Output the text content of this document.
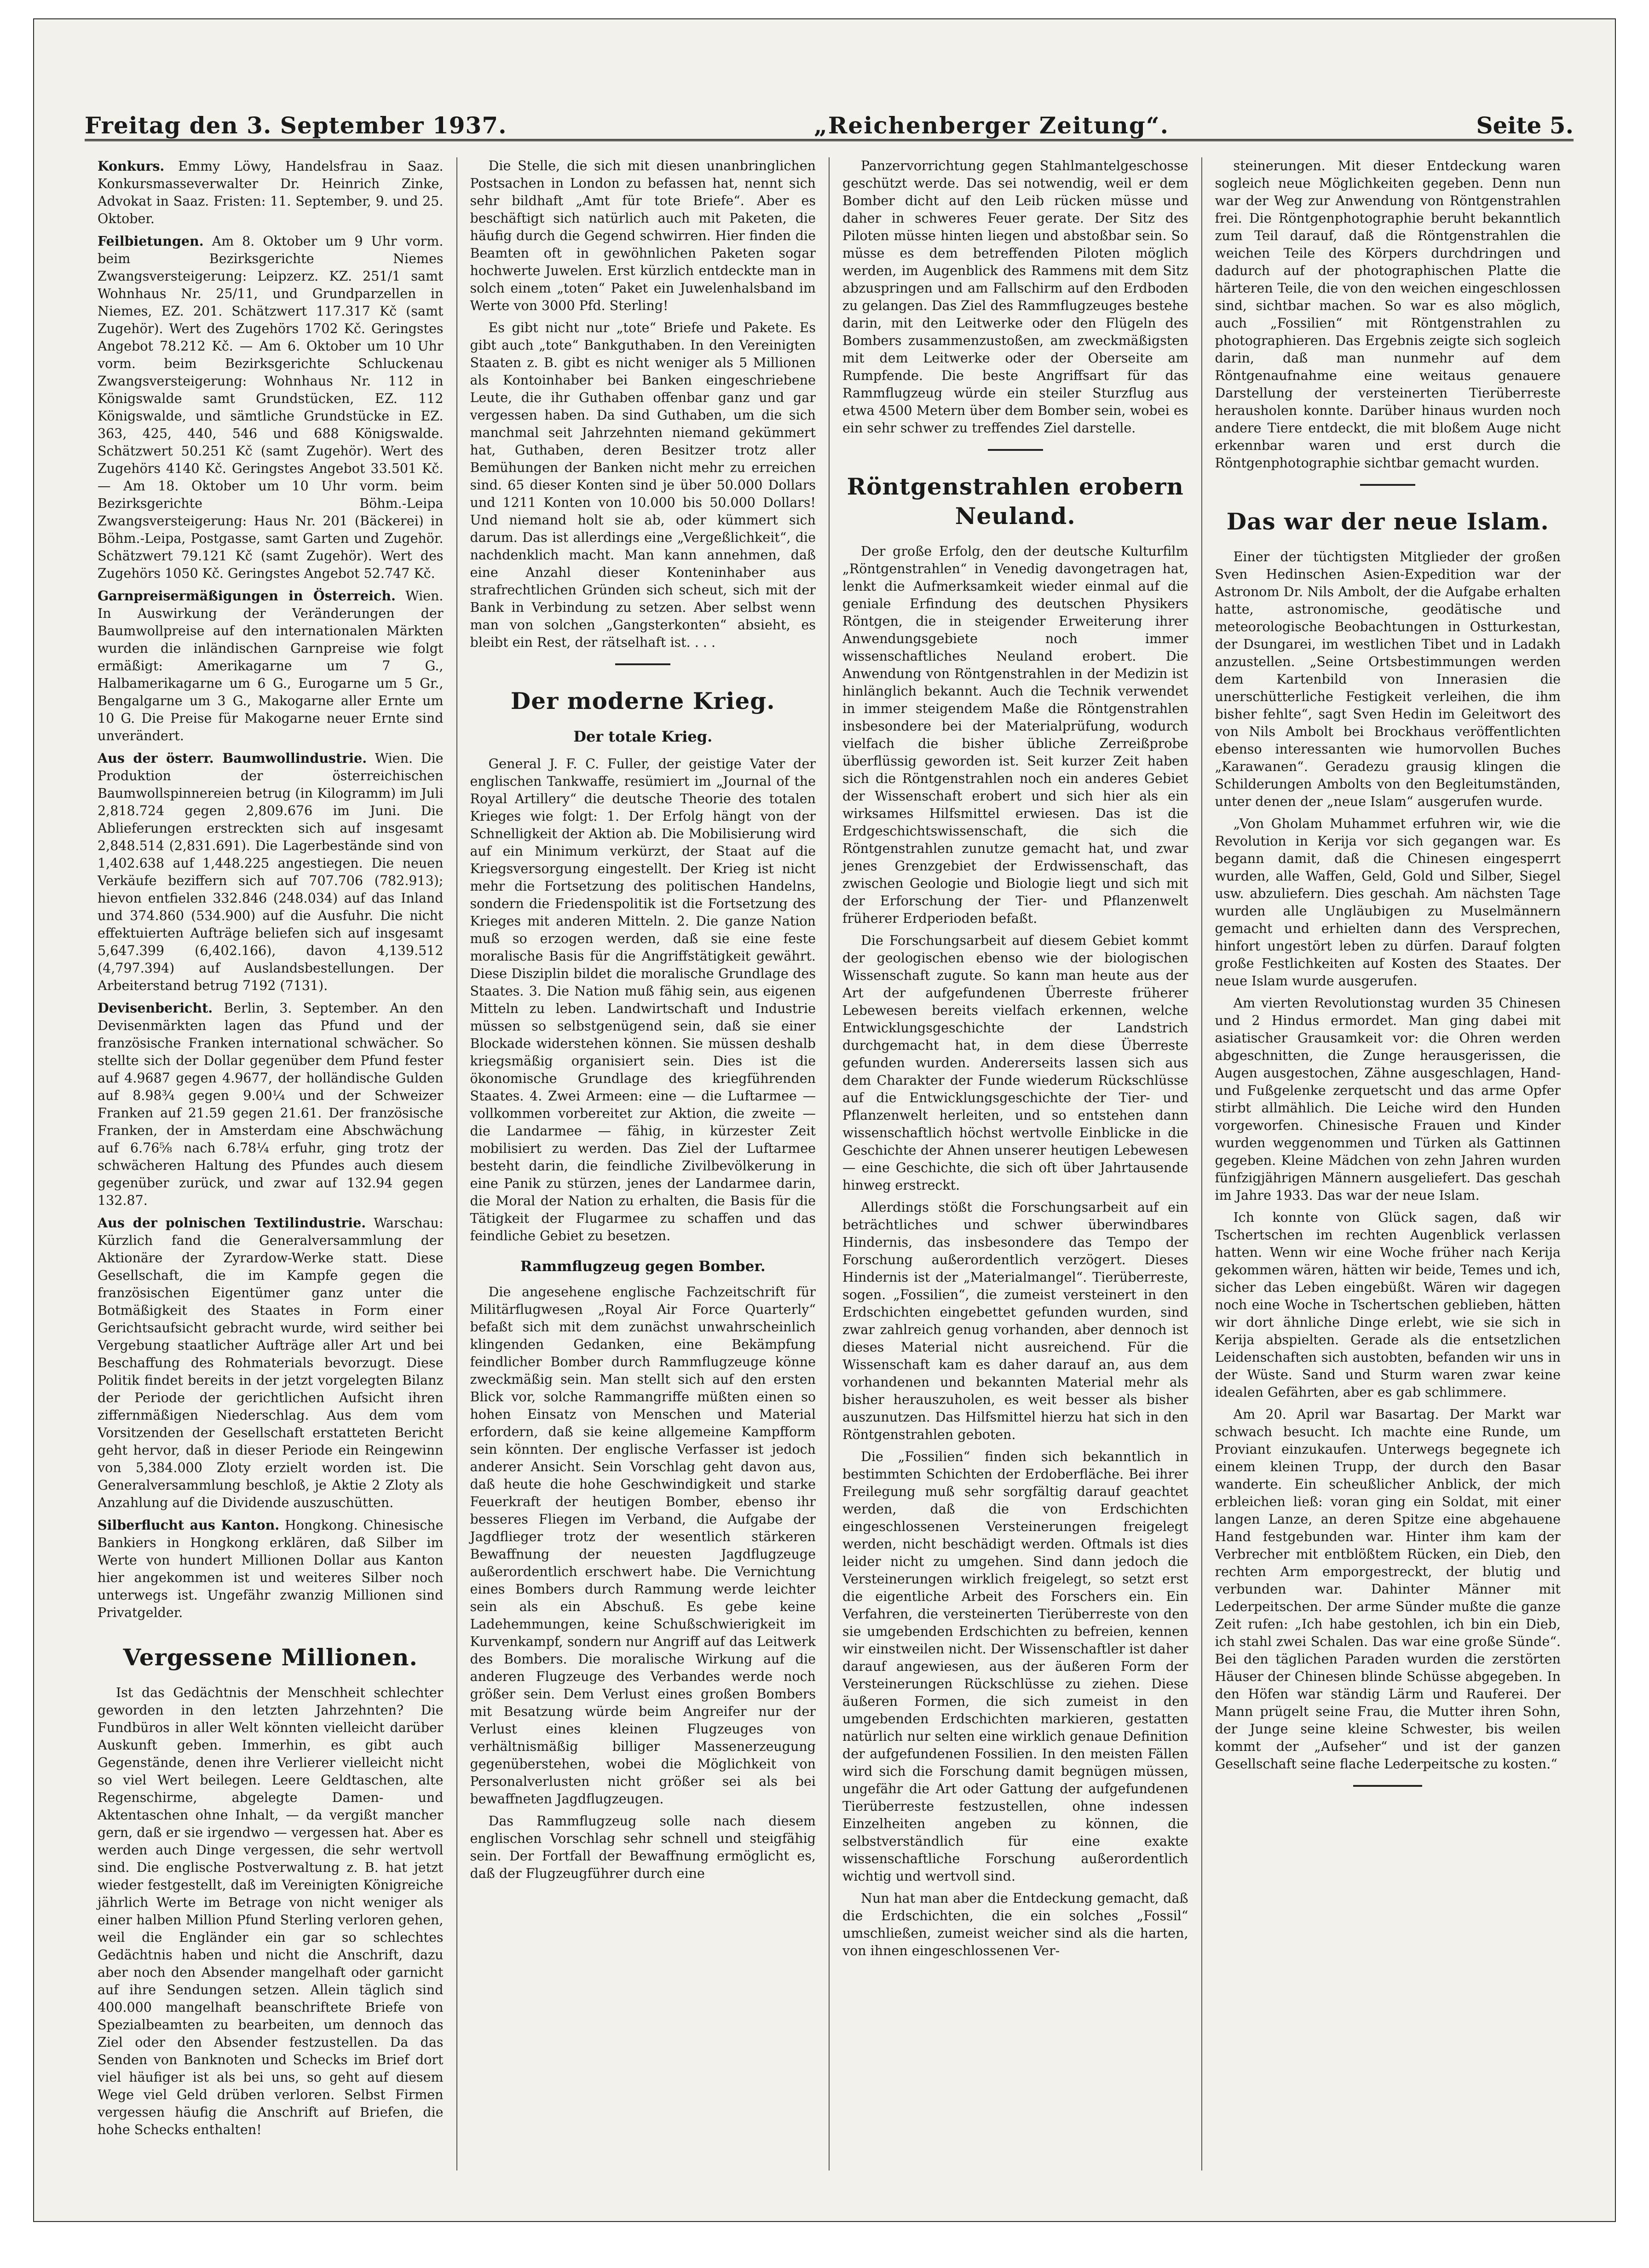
Freitag den 3. September 1937.	„Reichenberger Zeitung“.	Seite 5.

Konkurs. Emmy Löwy, Handelsfrau in Saaz. Konkursmasseverwalter Dr. Heinrich Zinke, Advokat in Saaz. Fristen: 11. September, 9. und 25. Oktober.

Feilbietungen. Am 8. Oktober um 9 Uhr vorm. beim Bezirksgerichte Niemes Zwangsversteigerung: Leipzerz. KZ. 251/1 samt Wohnhaus Nr. 25/11, und Grundparzellen in Niemes, EZ. 201. Schätzwert 117.317 Kč (samt Zugehör). Wert des Zugehörs 1702 Kč. Geringstes Angebot 78.212 Kč. — Am 6. Oktober um 10 Uhr vorm. beim Bezirksgerichte Schluckenau Zwangsversteigerung: Wohnhaus Nr. 112 in Königswalde samt Grundstücken, EZ. 112 Königswalde, und sämtliche Grundstücke in EZ. 363, 425, 440, 546 und 688 Königswalde. Schätzwert 50.251 Kč (samt Zugehör). Wert des Zugehörs 4140 Kč. Geringstes Angebot 33.501 Kč. — Am 18. Oktober um 10 Uhr vorm. beim Bezirksgerichte Böhm.-Leipa Zwangsversteigerung: Haus Nr. 201 (Bäckerei) in Böhm.-Leipa, Postgasse, samt Garten und Zugehör. Schätzwert 79.121 Kč (samt Zugehör). Wert des Zugehörs 1050 Kč. Geringstes Angebot 52.747 Kč.

Garnpreisermäßigungen in Österreich. Wien. In Auswirkung der Veränderungen der Baumwollpreise auf den internationalen Märkten wurden die inländischen Garnpreise wie folgt ermäßigt: Amerikagarne um 7 G., Halbamerikagarne um 6 G., Eurogarne um 5 Gr., Bengalgarne um 3 G., Makogarne aller Ernte um 10 G. Die Preise für Makogarne neuer Ernte sind unverändert.

Aus der österr. Baumwollindustrie. Wien. Die Produktion der österreichischen Baumwollspinnereien betrug (in Kilogramm) im Juli 2,818.724 gegen 2,809.676 im Juni. Die Ablieferungen erstreckten sich auf insgesamt 2,848.514 (2,831.691). Die Lagerbestände sind von 1,402.638 auf 1,448.225 angestiegen. Die neuen Verkäufe beziffern sich auf 707.706 (782.913); hievon entfielen 332.846 (248.034) auf das Inland und 374.860 (534.900) auf die Ausfuhr. Die nicht effektuierten Aufträge beliefen sich auf insgesamt 5,647.399 (6,402.166), davon 4,139.512 (4,797.394) auf Auslandsbestellungen. Der Arbeiterstand betrug 7192 (7131).

Devisenbericht. Berlin, 3. September. An den Devisenmärkten lagen das Pfund und der französische Franken international schwächer. So stellte sich der Dollar gegenüber dem Pfund fester auf 4.9687 gegen 4.9677, der holländische Gulden auf 8.98¾ gegen 9.00¼ und der Schweizer Franken auf 21.59 gegen 21.61. Der französische Franken, der in Amsterdam eine Abschwächung auf 6.76⅝ nach 6.78¼ erfuhr, ging trotz der schwächeren Haltung des Pfundes auch diesem gegenüber zurück, und zwar auf 132.94 gegen 132.87.

Aus der polnischen Textilindustrie. Warschau: Kürzlich fand die Generalversammlung der Aktionäre der Zyrardow-Werke statt. Diese Gesellschaft, die im Kampfe gegen die französischen Eigentümer ganz unter die Botmäßigkeit des Staates in Form einer Gerichtsaufsicht gebracht wurde, wird seither bei Vergebung staatlicher Aufträge aller Art und bei Beschaffung des Rohmaterials bevorzugt. Diese Politik findet bereits in der jetzt vorgelegten Bilanz der Periode der gerichtlichen Aufsicht ihren ziffernmäßigen Niederschlag. Aus dem vom Vorsitzenden der Gesellschaft erstatteten Bericht geht hervor, daß in dieser Periode ein Reingewinn von 5,384.000 Zloty erzielt worden ist. Die Generalversammlung beschloß, je Aktie 2 Zloty als Anzahlung auf die Dividende auszuschütten.

Silberflucht aus Kanton. Hongkong. Chinesische Bankiers in Hongkong erklären, daß Silber im Werte von hundert Millionen Dollar aus Kanton hier angekommen ist und weiteres Silber noch unterwegs ist. Ungefähr zwanzig Millionen sind Privatgelder.

Vergessene Millionen.

Ist das Gedächtnis der Menschheit schlechter geworden in den letzten Jahrzehnten? Die Fundbüros in aller Welt könnten vielleicht darüber Auskunft geben. Immerhin, es gibt auch Gegenstände, denen ihre Verlierer vielleicht nicht so viel Wert beilegen. Leere Geldtaschen, alte Regenschirme, abgelegte Damen- und Aktentaschen ohne Inhalt, — da vergißt mancher gern, daß er sie irgendwo — vergessen hat. Aber es werden auch Dinge vergessen, die sehr wertvoll sind. Die englische Postverwaltung z. B. hat jetzt wieder festgestellt, daß im Vereinigten Königreiche jährlich Werte im Betrage von nicht weniger als einer halben Million Pfund Sterling verloren gehen, weil die Engländer ein gar so schlechtes Gedächtnis haben und nicht die Anschrift, dazu aber noch den Absender mangelhaft oder garnicht auf ihre Sendungen setzen. Allein täglich sind 400.000 mangelhaft beanschriftete Briefe von Spezialbeamten zu bearbeiten, um dennoch das Ziel oder den Absender festzustellen. Da das Senden von Banknoten und Schecks im Brief dort viel häufiger ist als bei uns, so geht auf diesem Wege viel Geld drüben verloren. Selbst Firmen vergessen häufig die Anschrift auf Briefen, die hohe Schecks enthalten!

Die Stelle, die sich mit diesen unanbringlichen Postsachen in London zu befassen hat, nennt sich sehr bildhaft „Amt für tote Briefe“. Aber es beschäftigt sich natürlich auch mit Paketen, die häufig durch die Gegend schwirren. Hier finden die Beamten oft in gewöhnlichen Paketen sogar hochwerte Juwelen. Erst kürzlich entdeckte man in solch einem „toten“ Paket ein Juwelenhalsband im Werte von 3000 Pfd. Sterling!

Es gibt nicht nur „tote“ Briefe und Pakete. Es gibt auch „tote“ Bankguthaben. In den Vereinigten Staaten z. B. gibt es nicht weniger als 5 Millionen als Kontoinhaber bei Banken eingeschriebene Leute, die ihr Guthaben offenbar ganz und gar vergessen haben. Da sind Guthaben, um die sich manchmal seit Jahrzehnten niemand gekümmert hat, Guthaben, deren Besitzer trotz aller Bemühungen der Banken nicht mehr zu erreichen sind. 65 dieser Konten sind je über 50.000 Dollars und 1211 Konten von 10.000 bis 50.000 Dollars! Und niemand holt sie ab, oder kümmert sich darum. Das ist allerdings eine „Vergeßlichkeit“, die nachdenklich macht. Man kann annehmen, daß eine Anzahl dieser Konteninhaber aus strafrechtlichen Gründen sich scheut, sich mit der Bank in Verbindung zu setzen. Aber selbst wenn man von solchen „Gangsterkonten“ absieht, es bleibt ein Rest, der rätselhaft ist. . . .

Der moderne Krieg.
Der totale Krieg.

General J. F. C. Fuller, der geistige Vater der englischen Tankwaffe, resümiert im „Journal of the Royal Artillery“ die deutsche Theorie des totalen Krieges wie folgt: 1. Der Erfolg hängt von der Schnelligkeit der Aktion ab. Die Mobilisierung wird auf ein Minimum verkürzt, der Staat auf die Kriegsversorgung eingestellt. Der Krieg ist nicht mehr die Fortsetzung des politischen Handelns, sondern die Friedenspolitik ist die Fortsetzung des Krieges mit anderen Mitteln. 2. Die ganze Nation muß so erzogen werden, daß sie eine feste moralische Basis für die Angriffstätigkeit gewährt. Diese Disziplin bildet die moralische Grundlage des Staates. 3. Die Nation muß fähig sein, aus eigenen Mitteln zu leben. Landwirtschaft und Industrie müssen so selbstgenügend sein, daß sie einer Blockade widerstehen können. Sie müssen deshalb kriegsmäßig organisiert sein. Dies ist die ökonomische Grundlage des kriegführenden Staates. 4. Zwei Armeen: eine — die Luftarmee — vollkommen vorbereitet zur Aktion, die zweite — die Landarmee — fähig, in kürzester Zeit mobilisiert zu werden. Das Ziel der Luftarmee besteht darin, die feindliche Zivilbevölkerung in eine Panik zu stürzen, jenes der Landarmee darin, die Moral der Nation zu erhalten, die Basis für die Tätigkeit der Flugarmee zu schaffen und das feindliche Gebiet zu besetzen.

Rammflugzeug gegen Bomber.

Die angesehene englische Fachzeitschrift für Militärflugwesen „Royal Air Force Quarterly“ befaßt sich mit dem zunächst unwahrscheinlich klingenden Gedanken, eine Bekämpfung feindlicher Bomber durch Rammflugzeuge könne zweckmäßig sein. Man stellt sich auf den ersten Blick vor, solche Rammangriffe müßten einen so hohen Einsatz von Menschen und Material erfordern, daß sie keine allgemeine Kampfform sein könnten. Der englische Verfasser ist jedoch anderer Ansicht. Sein Vorschlag geht davon aus, daß heute die hohe Geschwindigkeit und starke Feuerkraft der heutigen Bomber, ebenso ihr besseres Fliegen im Verband, die Aufgabe der Jagdflieger trotz der wesentlich stärkeren Bewaffnung der neuesten Jagdflugzeuge außerordentlich erschwert habe. Die Vernichtung eines Bombers durch Rammung werde leichter sein als ein Abschuß. Es gebe keine Ladehemmungen, keine Schußschwierigkeit im Kurvenkampf, sondern nur Angriff auf das Leitwerk des Bombers. Die moralische Wirkung auf die anderen Flugzeuge des Verbandes werde noch größer sein. Dem Verlust eines großen Bombers mit Besatzung würde beim Angreifer nur der Verlust eines kleinen Flugzeuges von verhältnismäßig billiger Massenerzeugung gegenüberstehen, wobei die Möglichkeit von Personalverlusten nicht größer sei als bei bewaffneten Jagdflugzeugen.

Das Rammflugzeug solle nach diesem englischen Vorschlag sehr schnell und steigfähig sein. Der Fortfall der Bewaffnung ermöglicht es, daß der Flugzeugführer durch eine

Panzervorrichtung gegen Stahlmantelgeschosse geschützt werde. Das sei notwendig, weil er dem Bomber dicht auf den Leib rücken müsse und daher in schweres Feuer gerate. Der Sitz des Piloten müsse hinten liegen und abstoßbar sein. So müsse es dem betreffenden Piloten möglich werden, im Augenblick des Rammens mit dem Sitz abzuspringen und am Fallschirm auf den Erdboden zu gelangen. Das Ziel des Rammflugzeuges bestehe darin, mit den Leitwerke oder den Flügeln des Bombers zusammenzustoßen, am zweckmäßigsten mit dem Leitwerke oder der Oberseite am Rumpfende. Die beste Angriffsart für das Rammflugzeug würde ein steiler Sturzflug aus etwa 4500 Metern über dem Bomber sein, wobei es ein sehr schwer zu treffendes Ziel darstelle.

Röntgenstrahlen erobern Neuland.

Der große Erfolg, den der deutsche Kulturfilm „Röntgenstrahlen“ in Venedig davongetragen hat, lenkt die Aufmerksamkeit wieder einmal auf die geniale Erfindung des deutschen Physikers Röntgen, die in steigender Erweiterung ihrer Anwendungsgebiete noch immer wissenschaftliches Neuland erobert. Die Anwendung von Röntgenstrahlen in der Medizin ist hinlänglich bekannt. Auch die Technik verwendet in immer steigendem Maße die Röntgenstrahlen insbesondere bei der Materialprüfung, wodurch vielfach die bisher übliche Zerreißprobe überflüssig geworden ist. Seit kurzer Zeit haben sich die Röntgenstrahlen noch ein anderes Gebiet der Wissenschaft erobert und sich hier als ein wirksames Hilfsmittel erwiesen. Das ist die Erdgeschichtswissenschaft, die sich die Röntgenstrahlen zunutze gemacht hat, und zwar jenes Grenzgebiet der Erdwissenschaft, das zwischen Geologie und Biologie liegt und sich mit der Erforschung der Tier- und Pflanzenwelt früherer Erdperioden befaßt.

Die Forschungsarbeit auf diesem Gebiet kommt der geologischen ebenso wie der biologischen Wissenschaft zugute. So kann man heute aus der Art der aufgefundenen Überreste früherer Lebewesen bereits vielfach erkennen, welche Entwicklungsgeschichte der Landstrich durchgemacht hat, in dem diese Überreste gefunden wurden. Andererseits lassen sich aus dem Charakter der Funde wiederum Rückschlüsse auf die Entwicklungsgeschichte der Tier- und Pflanzenwelt herleiten, und so entstehen dann wissenschaftlich höchst wertvolle Einblicke in die Geschichte der Ahnen unserer heutigen Lebewesen — eine Geschichte, die sich oft über Jahrtausende hinweg erstreckt.

Allerdings stößt die Forschungsarbeit auf ein beträchtliches und schwer überwindbares Hindernis, das insbesondere das Tempo der Forschung außerordentlich verzögert. Dieses Hindernis ist der „Materialmangel“. Tierüberreste, sogen. „Fossilien“, die zumeist versteinert in den Erdschichten eingebettet gefunden wurden, sind zwar zahlreich genug vorhanden, aber dennoch ist dieses Material nicht ausreichend. Für die Wissenschaft kam es daher darauf an, aus dem vorhandenen und bekannten Material mehr als bisher herauszuholen, es weit besser als bisher auszunutzen. Das Hilfsmittel hierzu hat sich in den Röntgenstrahlen geboten.

Die „Fossilien“ finden sich bekanntlich in bestimmten Schichten der Erdoberfläche. Bei ihrer Freilegung muß sehr sorgfältig darauf geachtet werden, daß die von Erdschichten eingeschlossenen Versteinerungen freigelegt werden, nicht beschädigt werden. Oftmals ist dies leider nicht zu umgehen. Sind dann jedoch die Versteinerungen wirklich freigelegt, so setzt erst die eigentliche Arbeit des Forschers ein. Ein Verfahren, die versteinerten Tierüberreste von den sie umgebenden Erdschichten zu befreien, kennen wir einstweilen nicht. Der Wissenschaftler ist daher darauf angewiesen, aus der äußeren Form der Versteinerungen Rückschlüsse zu ziehen. Diese äußeren Formen, die sich zumeist in den umgebenden Erdschichten markieren, gestatten natürlich nur selten eine wirklich genaue Definition der aufgefundenen Fossilien. In den meisten Fällen wird sich die Forschung damit begnügen müssen, ungefähr die Art oder Gattung der aufgefundenen Tierüberreste festzustellen, ohne indessen Einzelheiten angeben zu können, die selbstverständlich für eine exakte wissenschaftliche Forschung außerordentlich wichtig und wertvoll sind.

Nun hat man aber die Entdeckung gemacht, daß die Erdschichten, die ein solches „Fossil“ umschließen, zumeist weicher sind als die harten, von ihnen eingeschlossenen Ver-

steinerungen. Mit dieser Entdeckung waren sogleich neue Möglichkeiten gegeben. Denn nun war der Weg zur Anwendung von Röntgenstrahlen frei. Die Röntgenphotographie beruht bekanntlich zum Teil darauf, daß die Röntgenstrahlen die weichen Teile des Körpers durchdringen und dadurch auf der photographischen Platte die härteren Teile, die von den weichen eingeschlossen sind, sichtbar machen. So war es also möglich, auch „Fossilien“ mit Röntgenstrahlen zu photographieren. Das Ergebnis zeigte sich sogleich darin, daß man nunmehr auf dem Röntgenaufnahme eine weitaus genauere Darstellung der versteinerten Tierüberreste herausholen konnte. Darüber hinaus wurden noch andere Tiere entdeckt, die mit bloßem Auge nicht erkennbar waren und erst durch die Röntgenphotographie sichtbar gemacht wurden.

Das war der neue Islam.

Einer der tüchtigsten Mitglieder der großen Sven Hedinschen Asien-Expedition war der Astronom Dr. Nils Ambolt, der die Aufgabe erhalten hatte, astronomische, geodätische und meteorologische Beobachtungen in Ostturkestan, der Dsungarei, im westlichen Tibet und in Ladakh anzustellen. „Seine Ortsbestimmungen werden dem Kartenbild von Innerasien die unerschütterliche Festigkeit verleihen, die ihm bisher fehlte“, sagt Sven Hedin im Geleitwort des von Nils Ambolt bei Brockhaus veröffentlichten ebenso interessanten wie humorvollen Buches „Karawanen“. Geradezu grausig klingen die Schilderungen Ambolts von den Begleitumständen, unter denen der „neue Islam“ ausgerufen wurde.

„Von Gholam Muhammet erfuhren wir, wie die Revolution in Kerija vor sich gegangen war. Es begann damit, daß die Chinesen eingesperrt wurden, alle Waffen, Geld, Gold und Silber, Siegel usw. abzuliefern. Dies geschah. Am nächsten Tage wurden alle Ungläubigen zu Muselmännern gemacht und erhielten dann des Versprechen, hinfort ungestört leben zu dürfen. Darauf folgten große Festlichkeiten auf Kosten des Staates. Der neue Islam wurde ausgerufen.

Am vierten Revolutionstag wurden 35 Chinesen und 2 Hindus ermordet. Man ging dabei mit asiatischer Grausamkeit vor: die Ohren werden abgeschnitten, die Zunge herausgerissen, die Augen ausgestochen, Zähne ausgeschlagen, Hand- und Fußgelenke zerquetscht und das arme Opfer stirbt allmählich. Die Leiche wird den Hunden vorgeworfen. Chinesische Frauen und Kinder wurden weggenommen und Türken als Gattinnen gegeben. Kleine Mädchen von zehn Jahren wurden fünfzigjährigen Männern ausgeliefert. Das geschah im Jahre 1933. Das war der neue Islam.

Ich konnte von Glück sagen, daß wir Tschertschen im rechten Augenblick verlassen hatten. Wenn wir eine Woche früher nach Kerija gekommen wären, hätten wir beide, Temes und ich, sicher das Leben eingebüßt. Wären wir dagegen noch eine Woche in Tschertschen geblieben, hätten wir dort ähnliche Dinge erlebt, wie sie sich in Kerija abspielten. Gerade als die entsetzlichen Leidenschaften sich austobten, befanden wir uns in der Wüste. Sand und Sturm waren zwar keine idealen Gefährten, aber es gab schlimmere.

Am 20. April war Basartag. Der Markt war schwach besucht. Ich machte eine Runde, um Proviant einzukaufen. Unterwegs begegnete ich einem kleinen Trupp, der durch den Basar wanderte. Ein scheußlicher Anblick, der mich erbleichen ließ: voran ging ein Soldat, mit einer langen Lanze, an deren Spitze eine abgehauene Hand festgebunden war. Hinter ihm kam der Verbrecher mit entblößtem Rücken, ein Dieb, den rechten Arm emporgestreckt, der blutig und verbunden war. Dahinter Männer mit Lederpeitschen. Der arme Sünder mußte die ganze Zeit rufen: „Ich habe gestohlen, ich bin ein Dieb, ich stahl zwei Schalen. Das war eine große Sünde“. Bei den täglichen Paraden wurden die zerstörten Häuser der Chinesen blinde Schüsse abgegeben. In den Höfen war ständig Lärm und Rauferei. Der Mann prügelt seine Frau, die Mutter ihren Sohn, der Junge seine kleine Schwester, bis weilen kommt der „Aufseher“ und ist der ganzen Gesellschaft seine flache Lederpeitsche zu kosten.“
